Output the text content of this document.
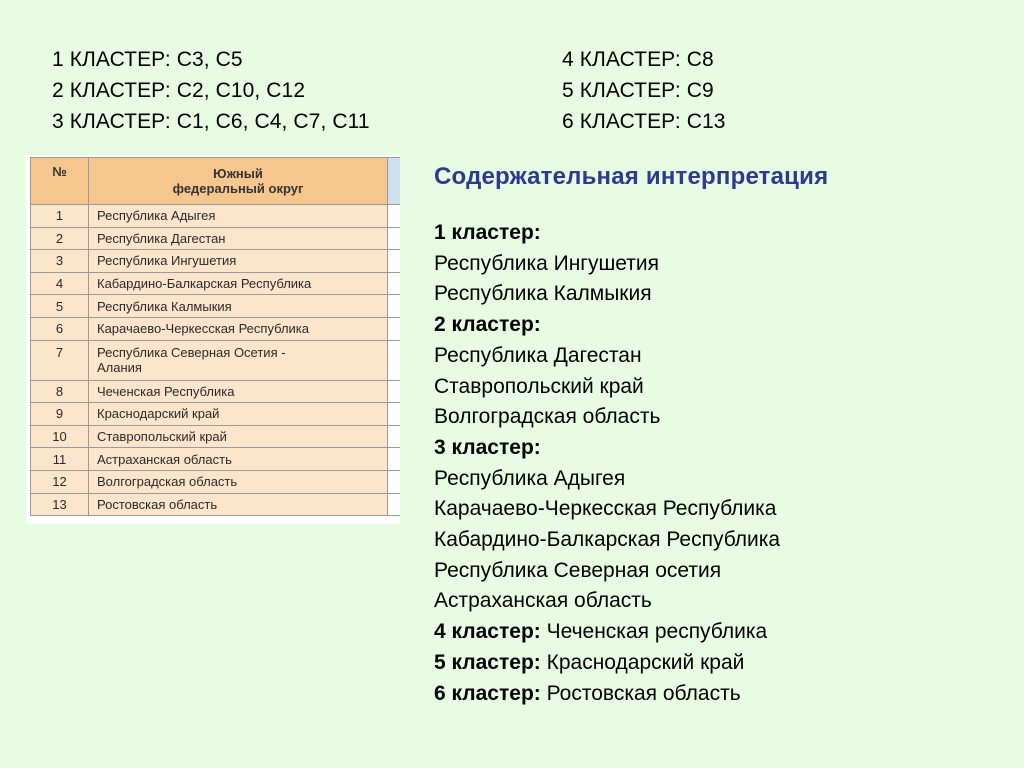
1 КЛАСТЕР: С3, С5
2 КЛАСТЕР: С2, С10, С12
3 КЛАСТЕР: С1, С6, С4, С7, С11
4 КЛАСТЕР: С8
5 КЛАСТЕР: С9
6 КЛАСТЕР: С13
№	Южный
федеральный округ	
1	Республика Адыгея	
2	Республика Дагестан	
3	Республика Ингушетия	
4	Кабардино-Балкарская Республика	
5	Республика Калмыкия	
6	Карачаево-Черкесская Республика	
7	Республика Северная Осетия -
Алания	
8	Чеченская Республика	
9	Краснодарский край	
10	Ставропольский край	
11	Астраханская область	
12	Волгоградская область	
13	Ростовская область	
Содержательная интерпретация
1 кластер:
Республика Ингушетия
Республика Калмыкия
2 кластер:
Республика Дагестан
Ставропольский край
Волгоградская область
3 кластер:
Республика Адыгея
Карачаево-Черкесская Республика
Кабардино-Балкарская Республика
Республика Северная осетия
Астраханская область
4 кластер: Чеченская республика
5 кластер: Краснодарский край
6 кластер: Ростовская область
